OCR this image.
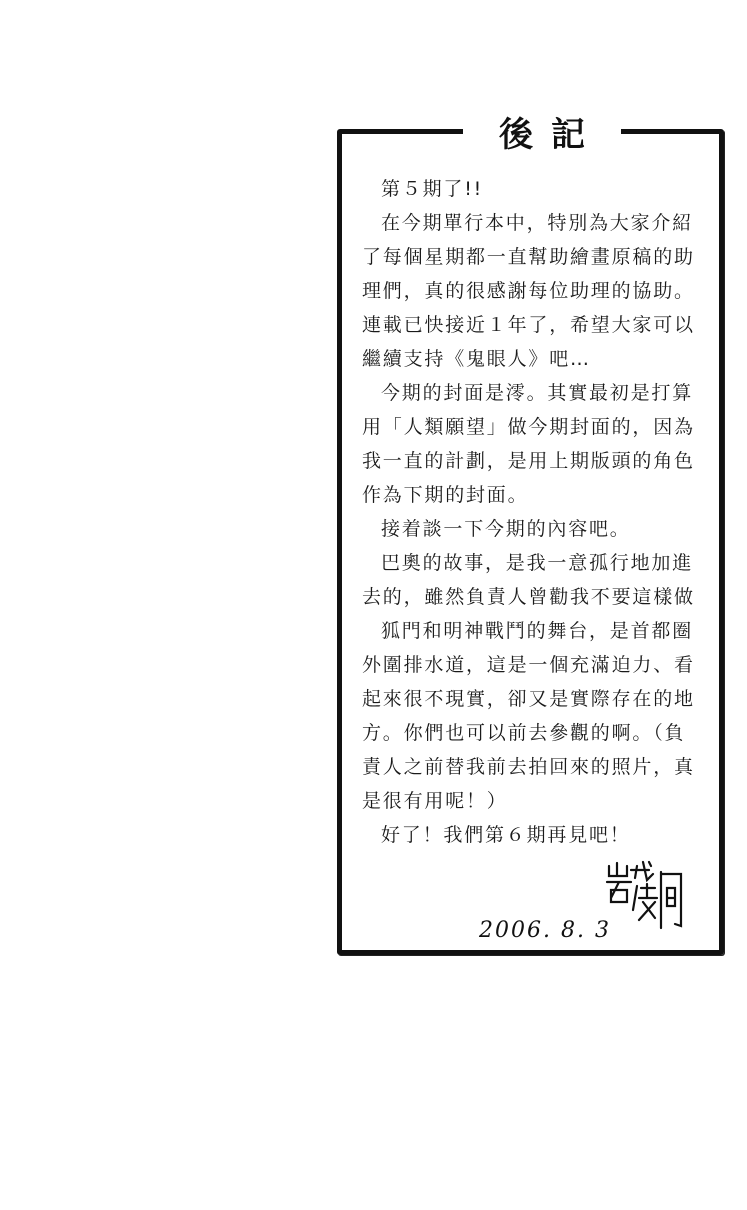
後記
第５期了!!
在今期單行本中，特別為大家介紹
了每個星期都一直幫助繪畫原稿的助
理們，真的很感謝每位助理的協助。
連載已快接近１年了，希望大家可以
繼續支持《鬼眼人》吧…
今期的封面是澪。其實最初是打算
用「人類願望」做今期封面的，因為
我一直的計劃，是用上期版頭的角色
作為下期的封面。
接着談一下今期的內容吧。
巴奧的故事，是我一意孤行地加進
去的，雖然負責人曾勸我不要這樣做
狐門和明神戰鬥的舞台，是首都圈
外圍排水道，這是一個充滿迫力、看
起來很不現實，卻又是實際存在的地
方。你們也可以前去參觀的啊。（負
責人之前替我前去拍回來的照片，真
是很有用呢！）
好了！我們第６期再見吧！
2006. 8. 3
